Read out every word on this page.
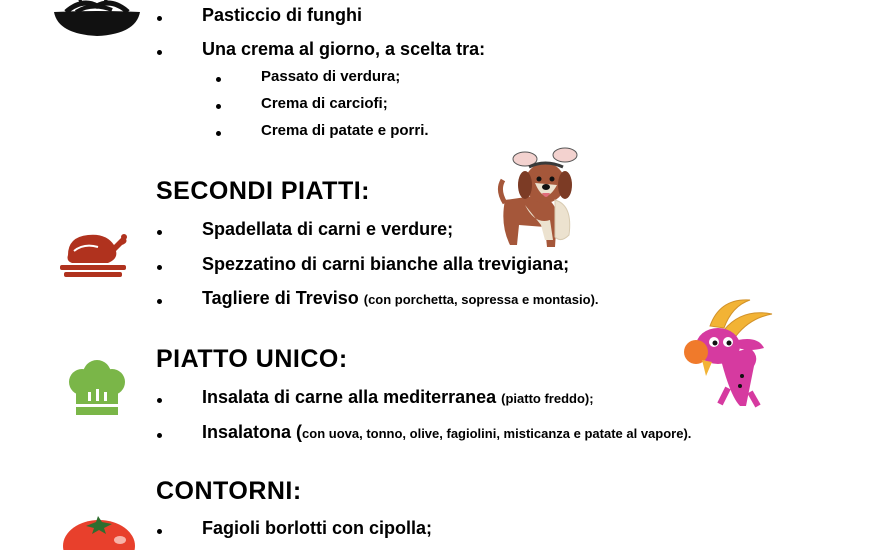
Pasticcio di funghi
Una crema al giorno, a scelta tra:
Passato di verdura;
Crema di carciofi;
Crema di patate e porri.
SECONDI PIATTI:
Spadellata di carni e verdure;
Spezzatino di carni bianche alla trevigiana;
Tagliere di Treviso (con porchetta, sopressa e montasio).
PIATTO UNICO:
Insalata di carne alla mediterranea (piatto freddo);
Insalatona (con uova, tonno, olive, fagiolini, misticanza e patate al vapore).
CONTORNI:
Fagioli borlotti con cipolla;
